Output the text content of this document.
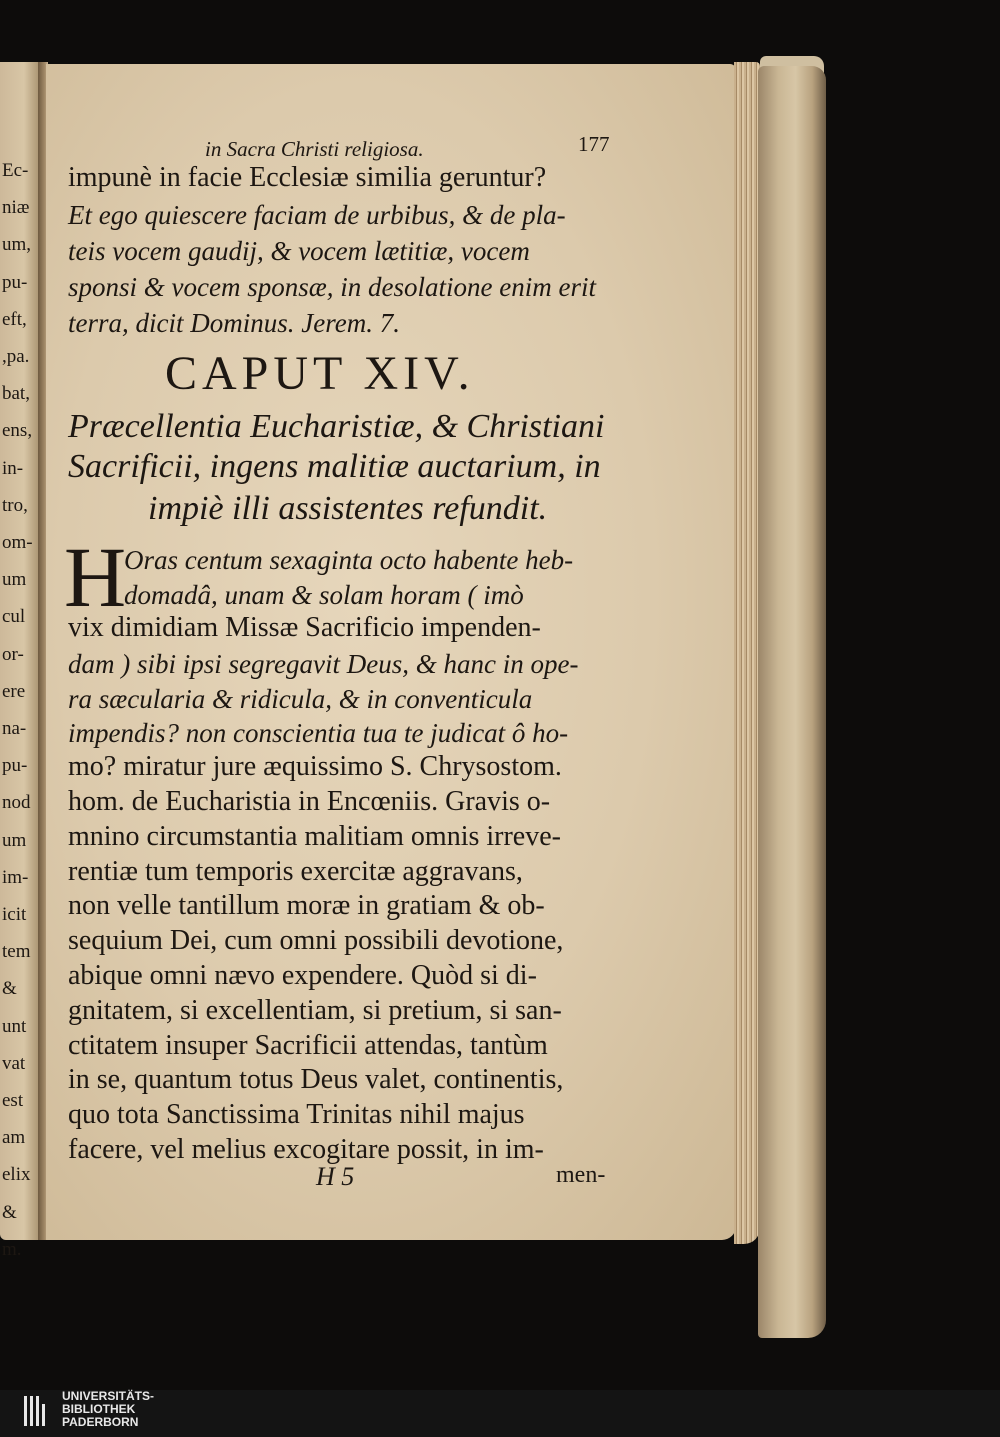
Ec-
niæ
um,
pu-
eft,
,pa.
bat,
ens,
in-
tro,
om-
um
cul
or-
ere
na-
pu-
nod
um
im-
icit
tem
&
unt
vat
est
am
elix
&
m.
in Sacra Christi religiosa.	177
impunè in facie Ecclesiæ similia geruntur?
Et ego quiescere faciam de urbibus, & de pla-
teis vocem gaudij, & vocem lætitiæ, vocem
sponsi & vocem sponsæ, in desolatione enim erit
terra, dicit Dominus. Jerem. 7.
CAPUT XIV.
Præcellentia Eucharistiæ, & Christiani
Sacrificii, ingens malitiæ auctarium, in
impiè illi assistentes refundit.
H
Oras centum sexaginta octo habente heb-
domadâ, unam & solam horam ( imò
vix dimidiam Missæ Sacrificio impenden-
dam ) sibi ipsi segregavit Deus, & hanc in ope-
ra sæcularia & ridicula, & in conventicula
impendis? non conscientia tua te judicat ô ho-
mo? miratur jure æquissimo S. Chrysostom.
hom. de Eucharistia in Encœniis. Gravis o-
mnino circumstantia malitiam omnis irreve-
rentiæ tum temporis exercitæ aggravans,
non velle tantillum moræ in gratiam & ob-
sequium Dei, cum omni possibili devotione,
abique omni nævo expendere. Quòd si di-
gnitatem, si excellentiam, si pretium, si san-
ctitatem insuper Sacrificii attendas, tantùm
in se, quantum totus Deus valet, continentis,
quo tota Sanctissima Trinitas nihil majus
facere, vel melius excogitare possit, in im-
H 5	men-
UNIVERSITÄTS-
BIBLIOTHEK
PADERBORN
